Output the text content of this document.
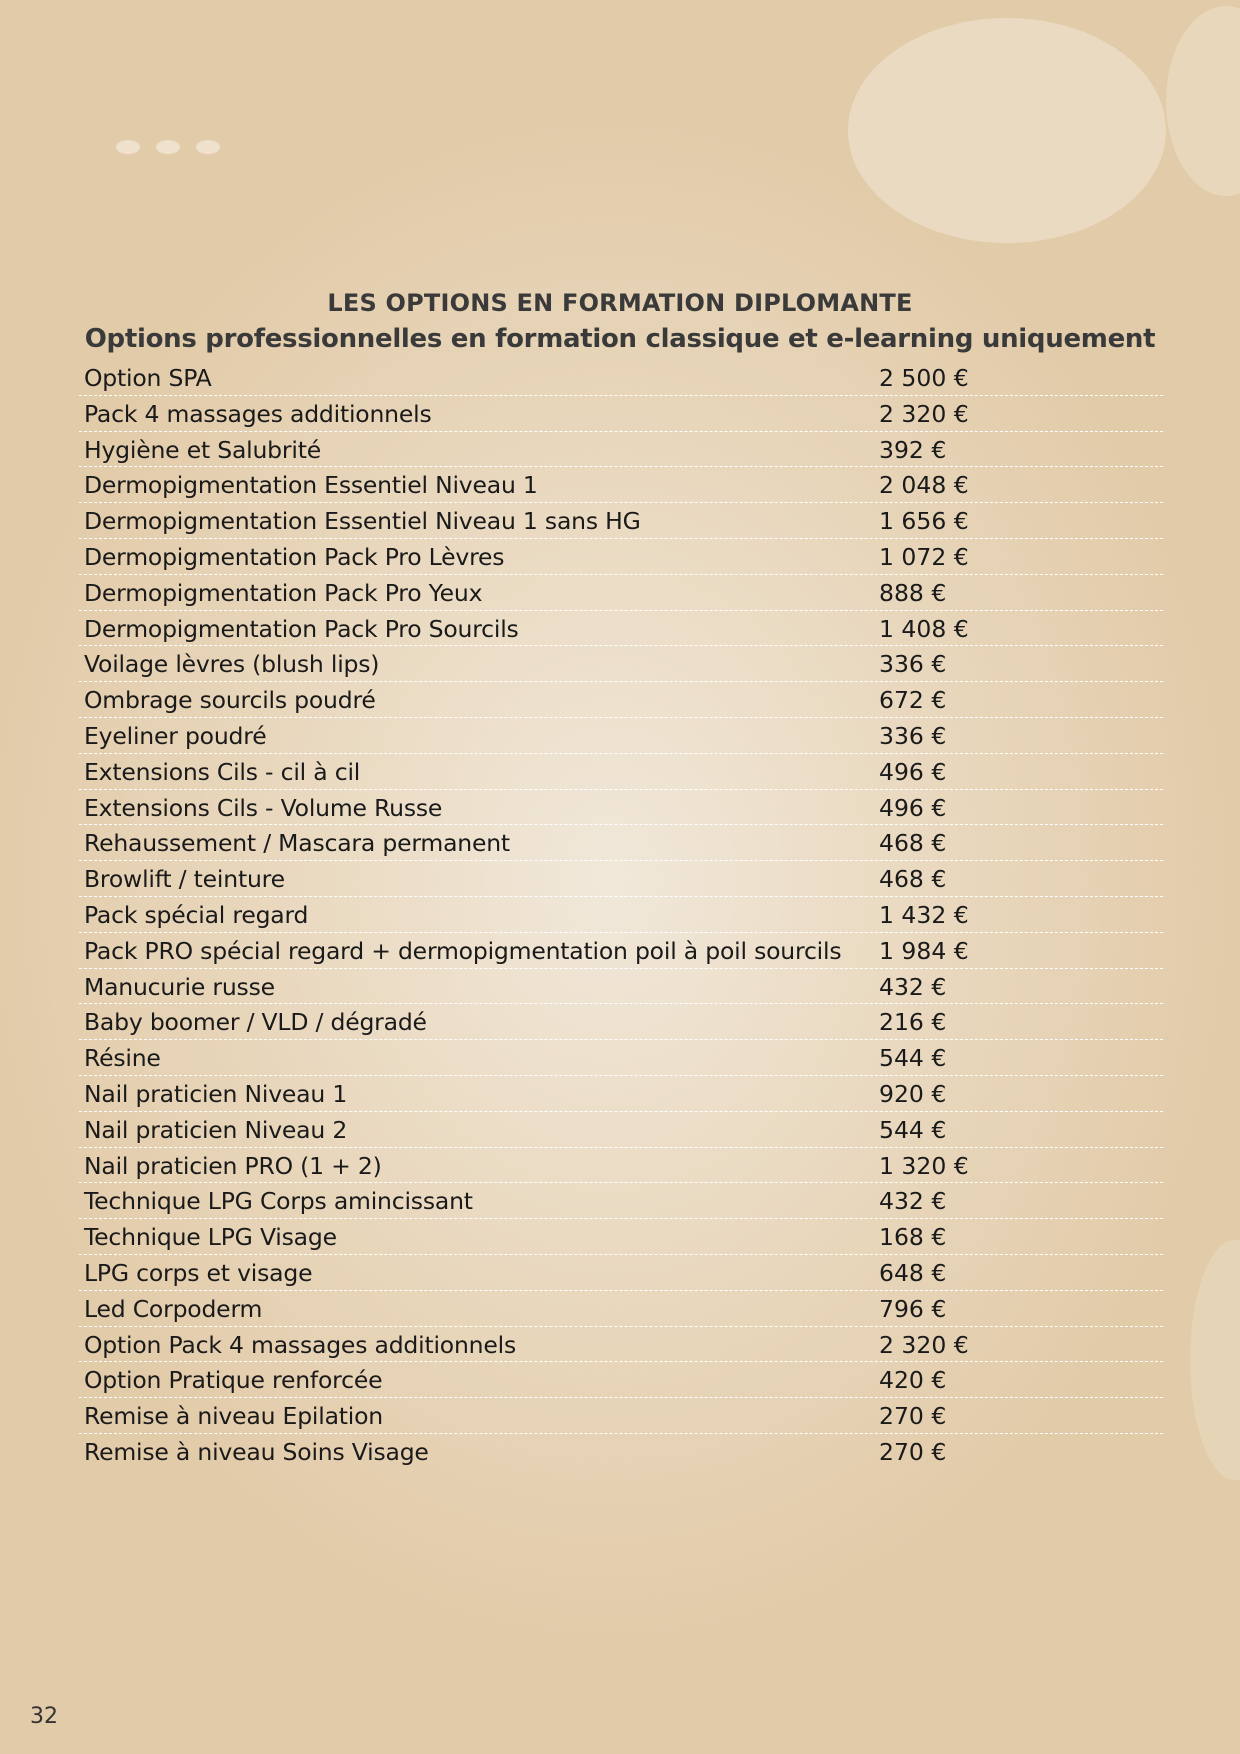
LES OPTIONS EN FORMATION DIPLOMANTE
Options professionnelles en formation classique et e-learning uniquement
Option SPA	2 500 €
Pack 4 massages additionnels	2 320 €
Hygiène et Salubrité	392 €
Dermopigmentation Essentiel Niveau 1	2 048 €
Dermopigmentation Essentiel Niveau 1 sans HG	1 656 €
Dermopigmentation Pack Pro Lèvres	1 072 €
Dermopigmentation Pack Pro Yeux	888 €
Dermopigmentation Pack Pro Sourcils	1 408 €
Voilage lèvres (blush lips)	336 €
Ombrage sourcils poudré	672 €
Eyeliner poudré	336 €
Extensions Cils - cil à cil	496 €
Extensions Cils - Volume Russe	496 €
Rehaussement / Mascara permanent	468 €
Browlift / teinture	468 €
Pack spécial regard	1 432 €
Pack PRO spécial regard + dermopigmentation poil à poil sourcils 1 984 €
Manucurie russe	432 €
Baby boomer / VLD / dégradé	216 €
Résine	544 €
Nail praticien Niveau 1	920 €
Nail praticien Niveau 2	544 €
Nail praticien PRO (1 + 2)	1 320 €
Technique LPG Corps amincissant	432 €
Technique LPG Visage	168 €
LPG corps et visage	648 €
Led Corpoderm	796 €
Option Pack 4 massages additionnels	2 320 €
Option Pratique renforcée	420 €
Remise à niveau Epilation	270 €
Remise à niveau Soins Visage	270 €
32
